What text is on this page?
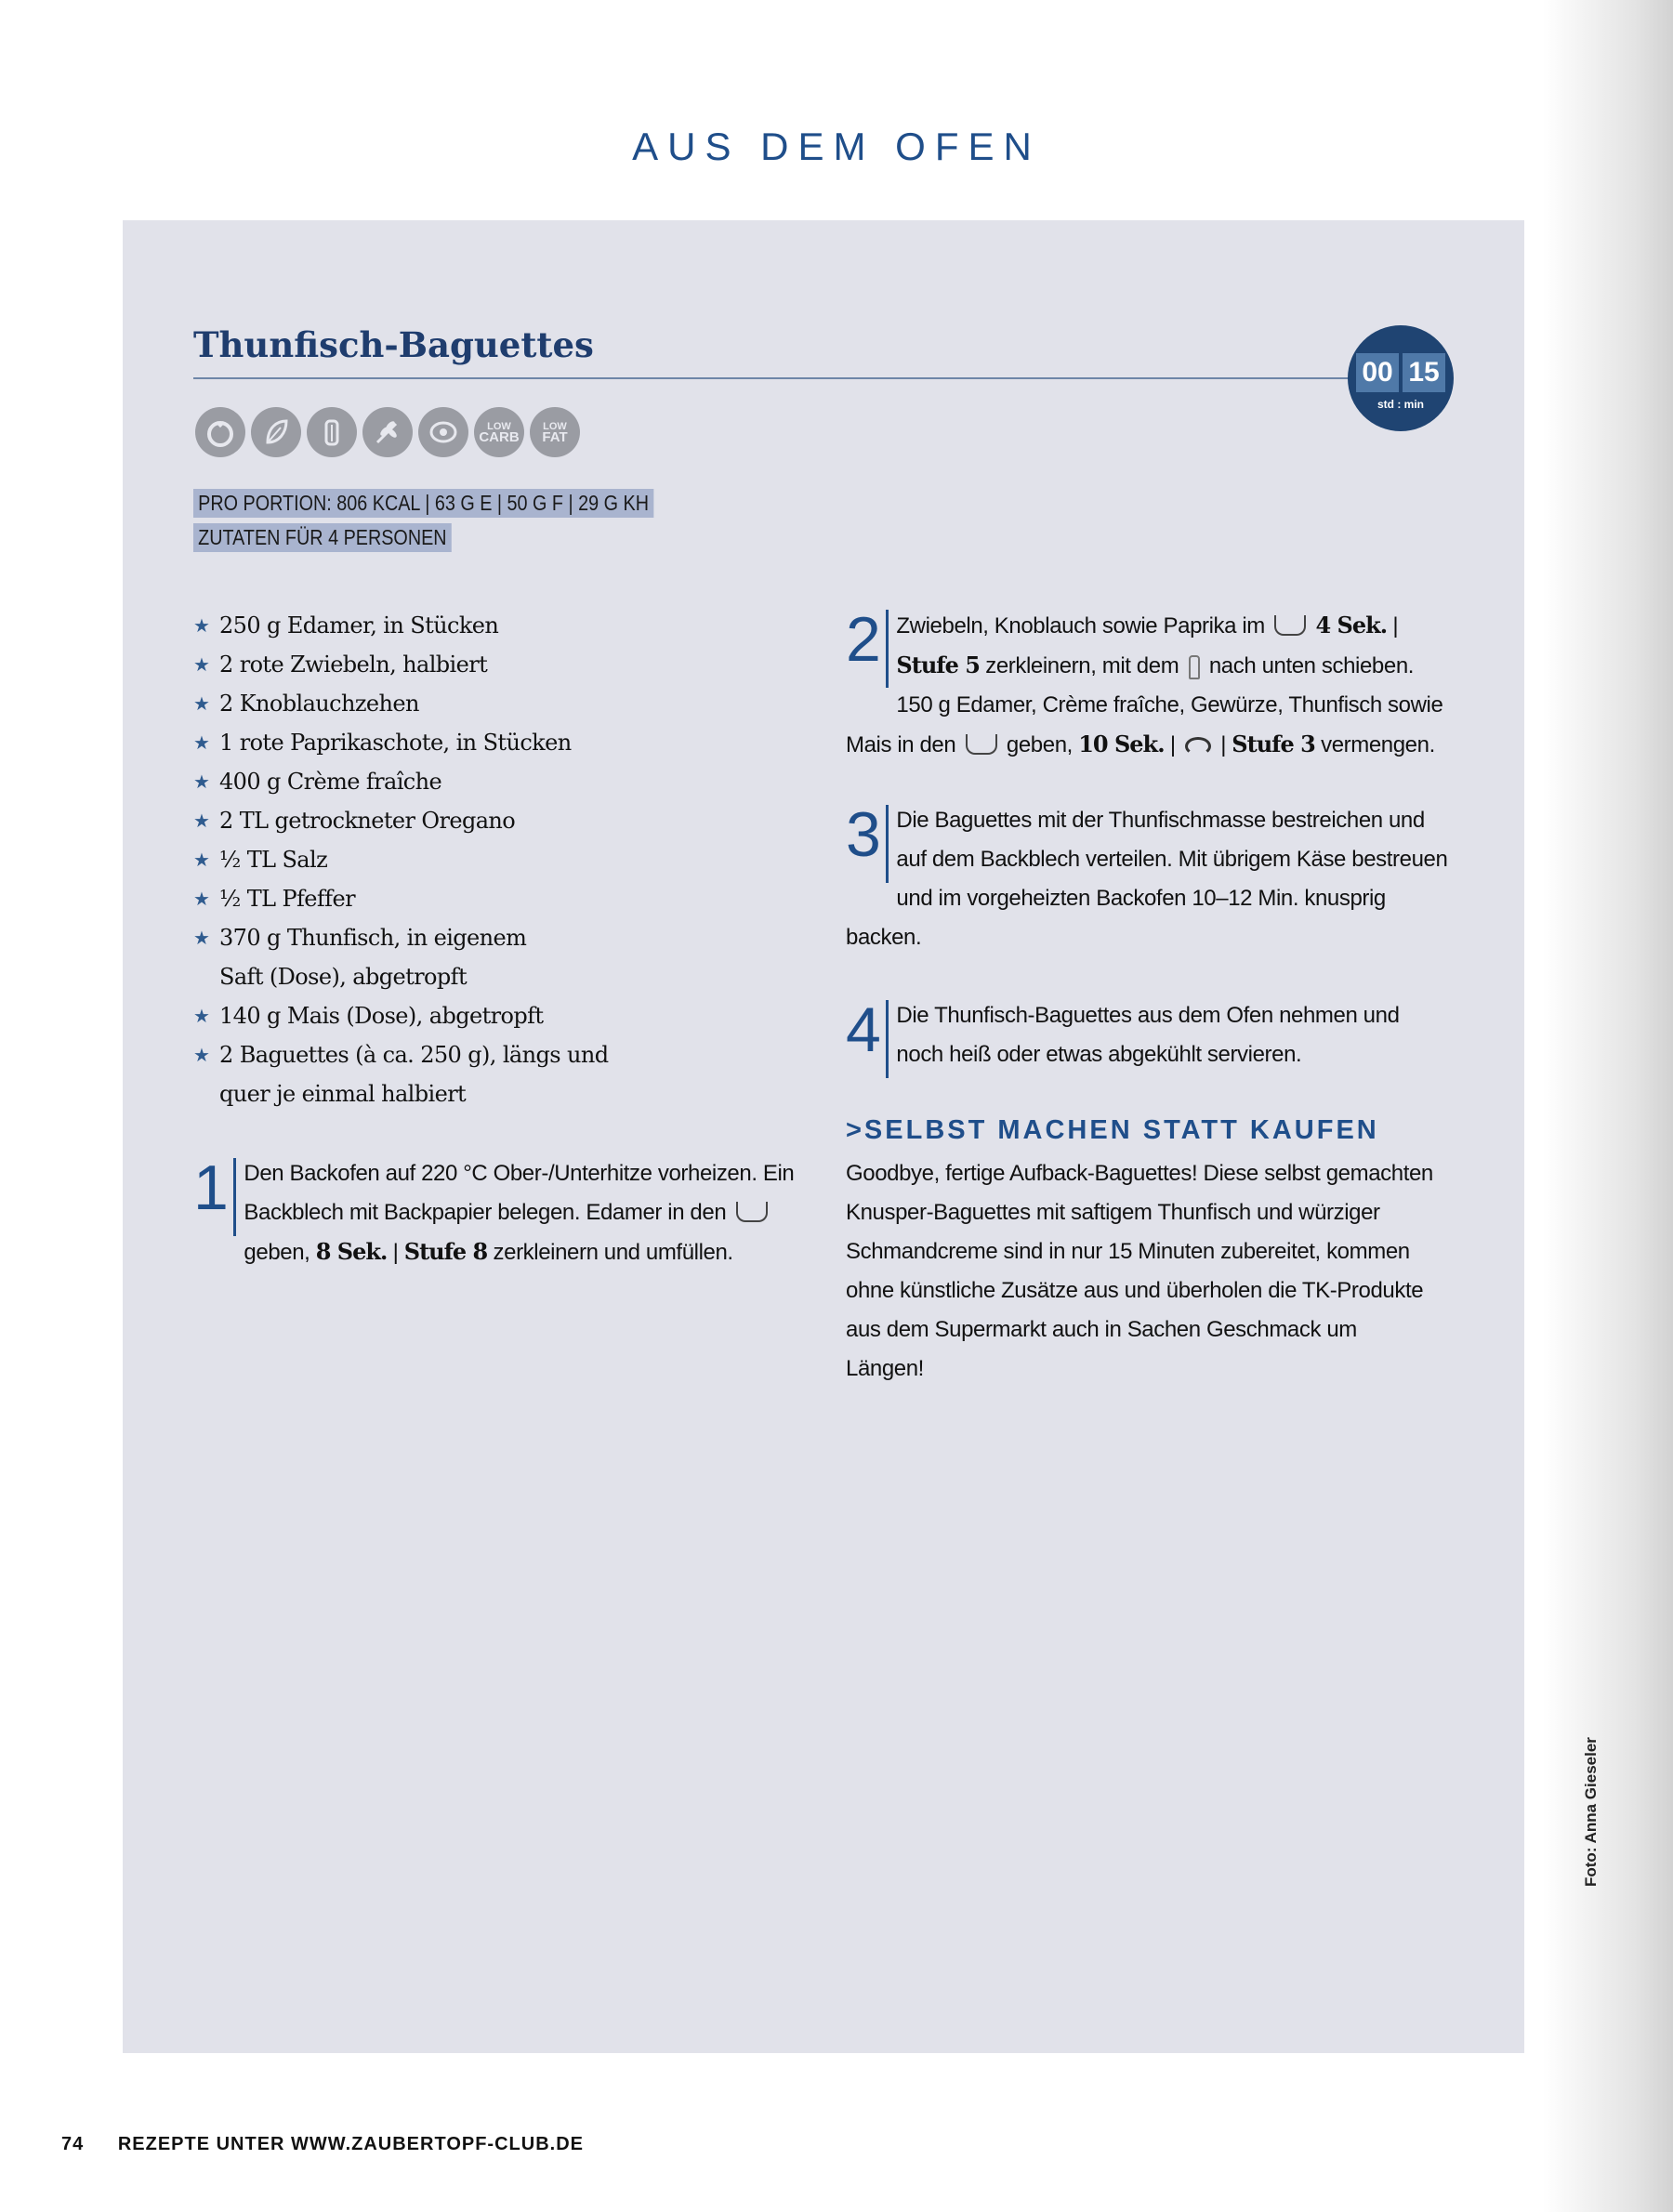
AUS DEM OFEN
Thunfisch-Baguettes
00 15
std : min
LOW
CARB
LOW
FAT
PRO PORTION: 806 KCAL | 63 G E | 50 G F | 29 G KH
ZUTATEN FÜR 4 PERSONEN
★ 250 g Edamer, in Stücken
★ 2 rote Zwiebeln, halbiert
★ 2 Knoblauchzehen
★ 1 rote Paprikaschote, in Stücken
★ 400 g Crème fraîche
★ 2 TL getrockneter Oregano
★ ½ TL Salz
★ ½ TL Pfeffer
★ 370 g Thunfisch, in eigenem Saft (Dose), abgetropft
★ 140 g Mais (Dose), abgetropft
★ 2 Baguettes (à ca. 250 g), längs und quer je einmal halbiert
1 Den Backofen auf 220 °C Ober-/Unterhitze vorheizen. Ein Backblech mit Backpapier belegen. Edamer in den geben, 8 Sek. | Stufe 8 zerkleinern und umfüllen.
2 Zwiebeln, Knoblauch sowie Paprika im 4 Sek. | Stufe 5 zerkleinern, mit dem nach unten schieben. 150 g Edamer, Crème fraîche, Gewürze, Thunfisch sowie Mais in den geben, 10 Sek. |  | Stufe 3 vermengen.
3 Die Baguettes mit der Thunfischmasse bestreichen und auf dem Backblech verteilen. Mit übrigem Käse bestreuen und im vorgeheizten Backofen 10–12 Min. knusprig backen.
4 Die Thunfisch-Baguettes aus dem Ofen nehmen und noch heiß oder etwas abgekühlt servieren.
>SELBST MACHEN STATT KAUFEN
Goodbye, fertige Aufback-Baguettes! Diese selbst gemachten Knusper-Baguettes mit saftigem Thunfisch und würziger Schmandcreme sind in nur 15 Minuten zubereitet, kommen ohne künstliche Zusätze aus und überholen die TK-Produkte aus dem Supermarkt auch in Sachen Geschmack um Längen!
74 REZEPTE UNTER WWW.ZAUBERTOPF-CLUB.DE
Foto: Anna Gieseler
